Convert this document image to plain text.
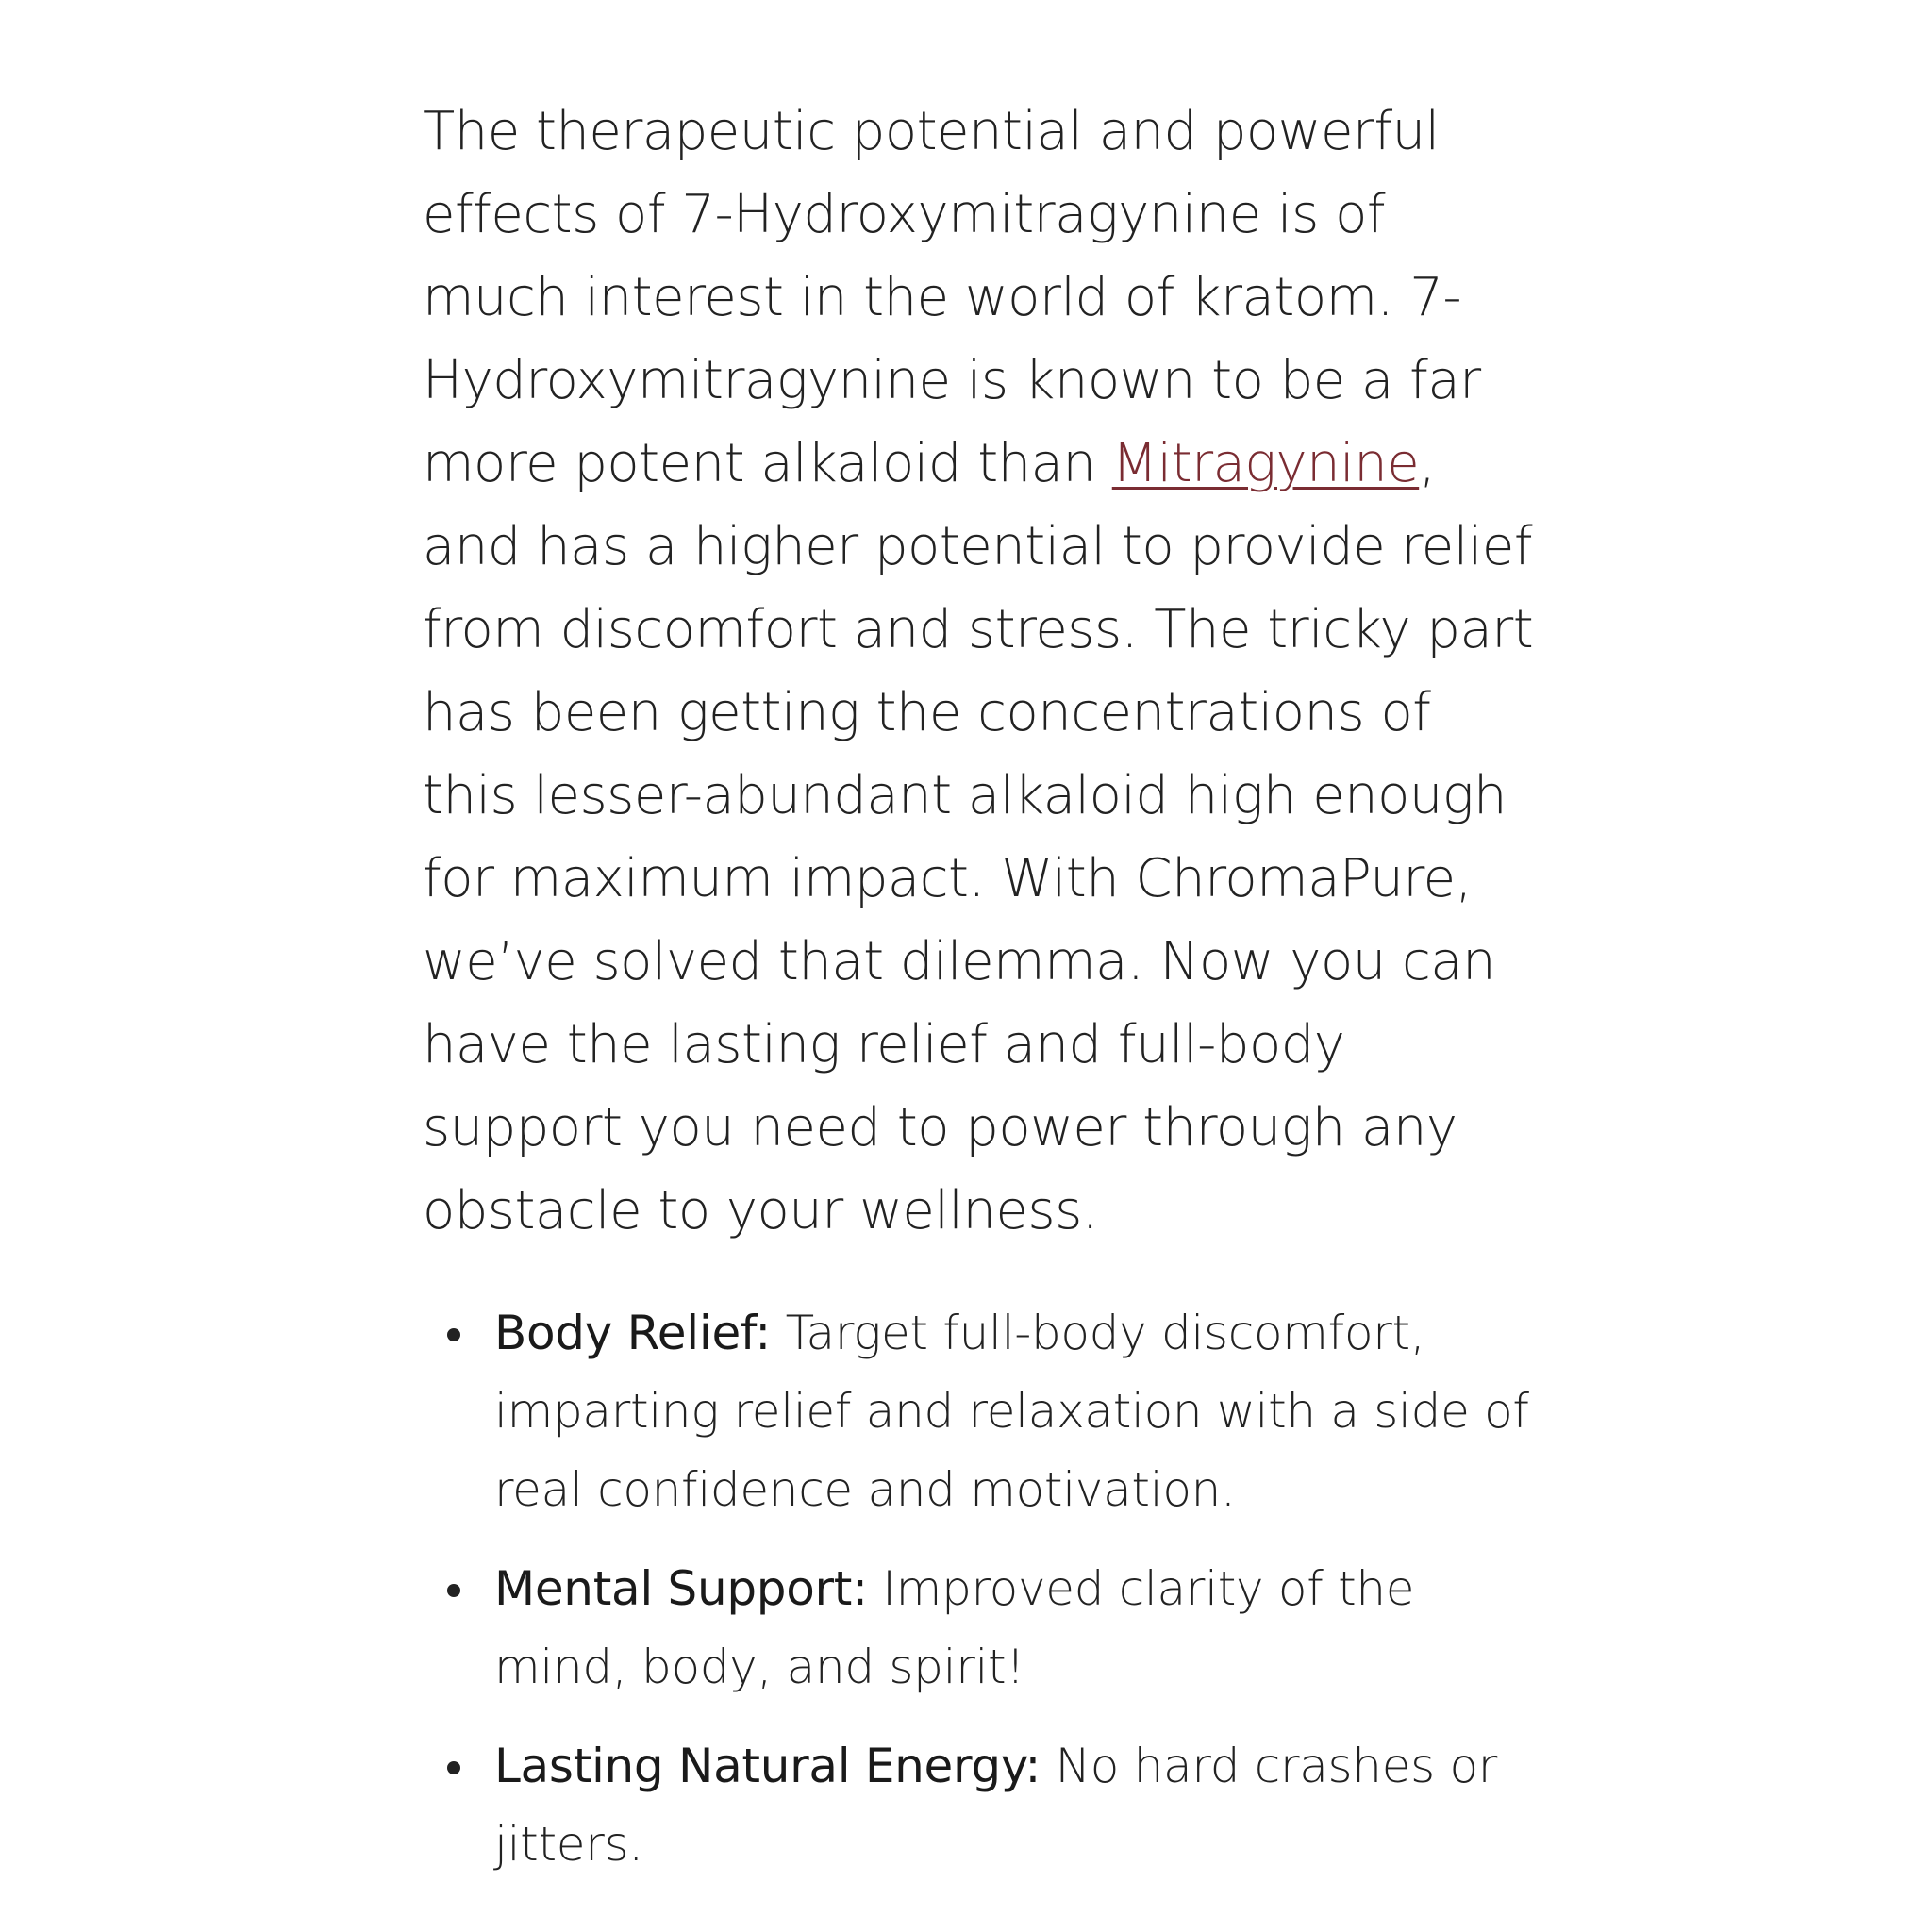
The therapeutic potential and powerful effects of 7-Hydroxymitragynine is of much interest in the world of kratom. 7-Hydroxymitragynine is known to be a far more potent alkaloid than Mitragynine, and has a higher potential to provide relief from discomfort and stress. The tricky part has been getting the concentrations of this lesser-abundant alkaloid high enough for maximum impact. With ChromaPure, we’ve solved that dilemma. Now you can have the lasting relief and full-body support you need to power through any obstacle to your wellness.

Body Relief: Target full-body discomfort, imparting relief and relaxation with a side of real confidence and motivation.
Mental Support: Improved clarity of the mind, body, and spirit!
Lasting Natural Energy: No hard crashes or jitters.
